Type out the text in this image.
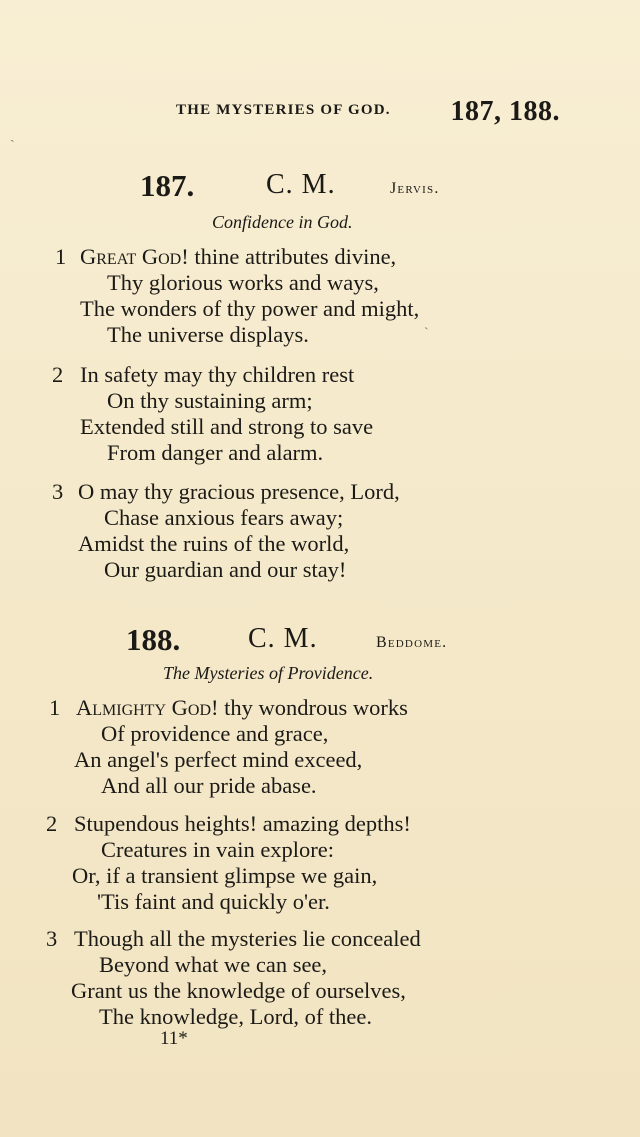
THE MYSTERIES OF GOD. 187, 188.
187.	C. M.	Jervis.
Confidence in God.
1 Great God! thine attributes divine,
Thy glorious works and ways,
The wonders of thy power and might,
The universe displays.
2 In safety may thy children rest
On thy sustaining arm;
Extended still and strong to save
From danger and alarm.
3 O may thy gracious presence, Lord,
Chase anxious fears away;
Amidst the ruins of the world,
Our guardian and our stay!
188. C. M.	Beddome.
The Mysteries of Providence.
1 Almighty God! thy wondrous works
Of providence and grace,
An angel's perfect mind exceed,
And all our pride abase.
2 Stupendous heights! amazing depths!
Creatures in vain explore:
Or, if a transient glimpse we gain,
'Tis faint and quickly o'er.
3 Though all the mysteries lie concealed
Beyond what we can see,
Grant us the knowledge of ourselves,
The knowledge, Lord, of thee.
11*
ˎ
ˋ
